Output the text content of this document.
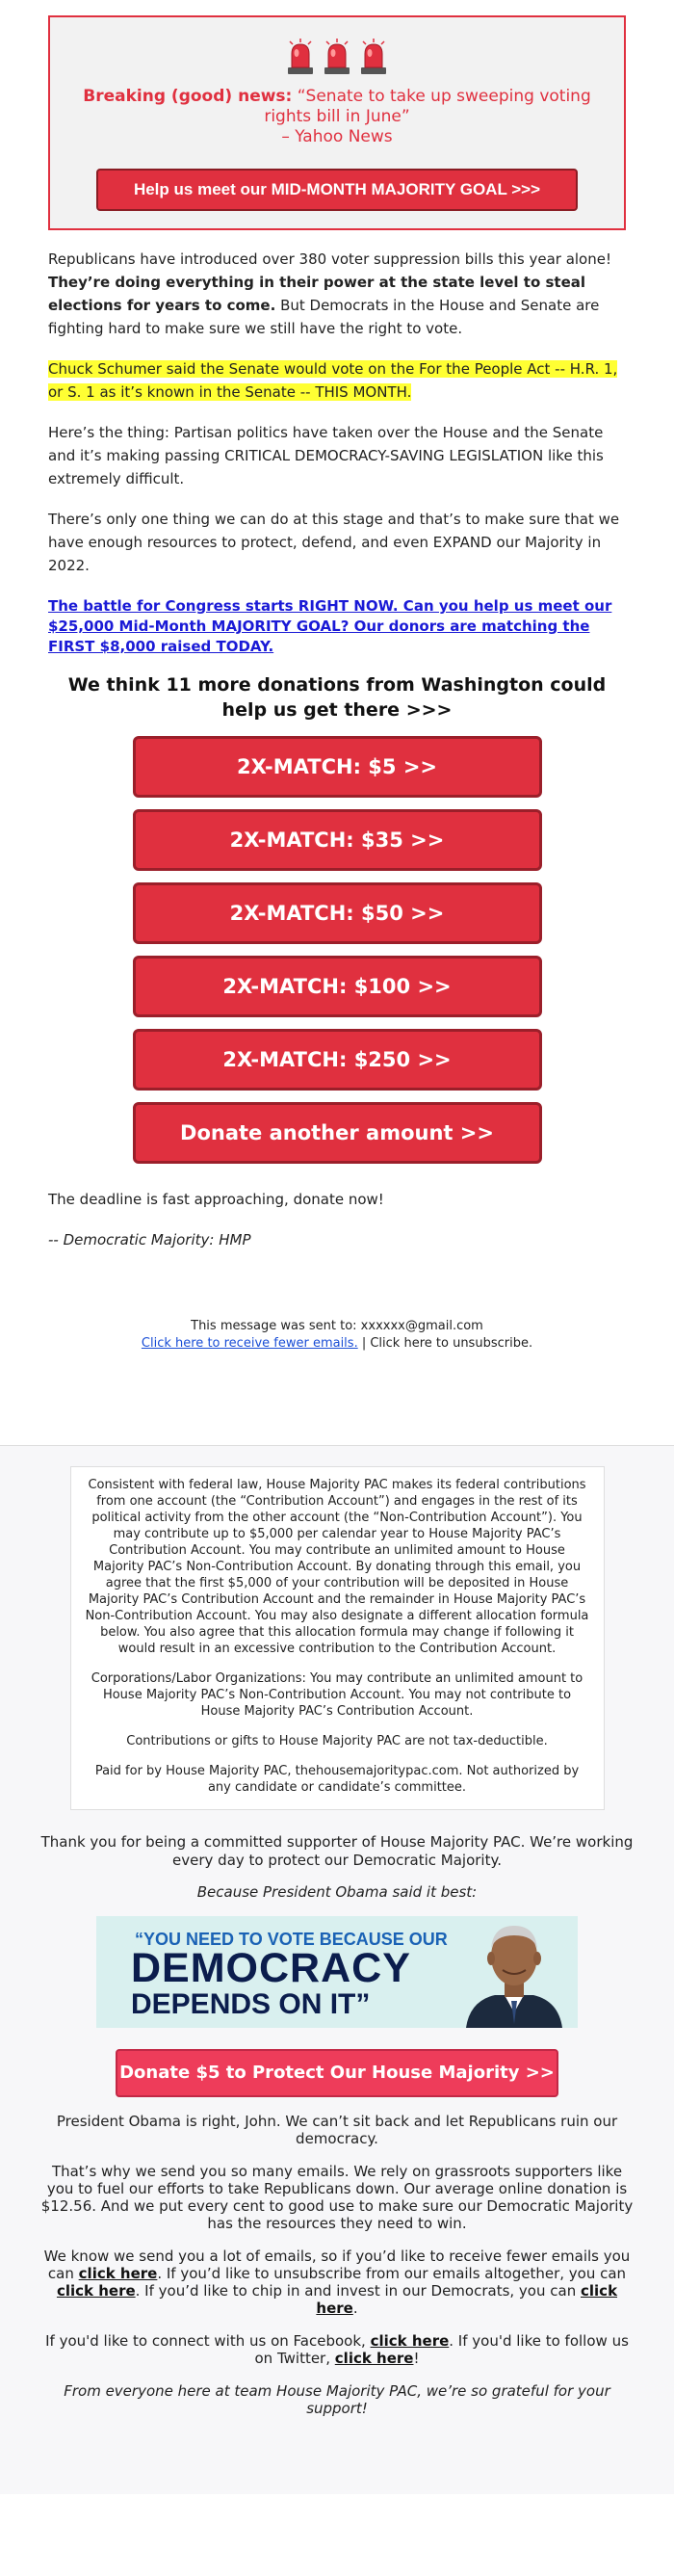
Breaking (good) news: “Senate to take up sweeping voting rights bill in June”
– Yahoo News
Help us meet our MID-MONTH MAJORITY GOAL >>>

Republicans have introduced over 380 voter suppression bills this year alone! They’re doing everything in their power at the state level to steal elections for years to come. But Democrats in the House and Senate are fighting hard to make sure we still have the right to vote.

Chuck Schumer said the Senate would vote on the For the People Act -- H.R. 1, or S. 1 as it’s known in the Senate -- THIS MONTH.

Here’s the thing: Partisan politics have taken over the House and the Senate and it’s making passing CRITICAL DEMOCRACY-SAVING LEGISLATION like this extremely difficult.

There’s only one thing we can do at this stage and that’s to make sure that we have enough resources to protect, defend, and even EXPAND our Majority in 2022.

The battle for Congress starts RIGHT NOW. Can you help us meet our $25,000 Mid-Month MAJORITY GOAL? Our donors are matching the FIRST $8,000 raised TODAY.

We think 11 more donations from Washington could help us get there >>>

2X-MATCH: $5 >>
2X-MATCH: $35 >>
2X-MATCH: $50 >>
2X-MATCH: $100 >>
2X-MATCH: $250 >>
Donate another amount >>

The deadline is fast approaching, donate now!

-- Democratic Majority: HMP

This message was sent to: xxxxxx@gmail.com
Click here to receive fewer emails. | Click here to unsubscribe.

Consistent with federal law, House Majority PAC makes its federal contributions from one account (the “Contribution Account”) and engages in the rest of its political activity from the other account (the “Non-Contribution Account”). You may contribute up to $5,000 per calendar year to House Majority PAC’s Contribution Account. You may contribute an unlimited amount to House Majority PAC’s Non-Contribution Account. By donating through this email, you agree that the first $5,000 of your contribution will be deposited in House Majority PAC’s Contribution Account and the remainder in House Majority PAC’s Non-Contribution Account. You may also designate a different allocation formula below. You also agree that this allocation formula may change if following it would result in an excessive contribution to the Contribution Account.

Corporations/Labor Organizations: You may contribute an unlimited amount to House Majority PAC’s Non-Contribution Account. You may not contribute to House Majority PAC’s Contribution Account.

Contributions or gifts to House Majority PAC are not tax-deductible.

Paid for by House Majority PAC, thehousemajoritypac.com. Not authorized by any candidate or candidate’s committee.

Thank you for being a committed supporter of House Majority PAC. We’re working every day to protect our Democratic Majority.

Because President Obama said it best:

“YOU NEED TO VOTE BECAUSE OUR
DEMOCRACY
DEPENDS ON IT”
Donate $5 to Protect Our House Majority >>

President Obama is right, John. We can’t sit back and let Republicans ruin our democracy.

That’s why we send you so many emails. We rely on grassroots supporters like you to fuel our efforts to take Republicans down. Our average online donation is $12.56. And we put every cent to good use to make sure our Democratic Majority has the resources they need to win.

We know we send you a lot of emails, so if you’d like to receive fewer emails you can click here. If you’d like to unsubscribe from our emails altogether, you can click here. If you’d like to chip in and invest in our Democrats, you can click here.

If you'd like to connect with us on Facebook, click here. If you'd like to follow us on Twitter, click here!

From everyone here at team House Majority PAC, we’re so grateful for your support!
